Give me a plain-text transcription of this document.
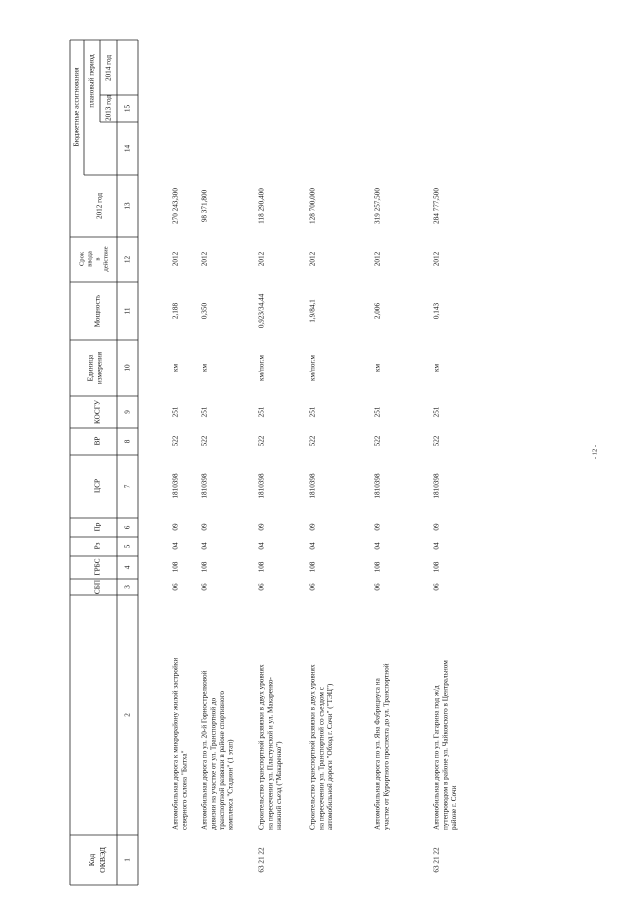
Код ОКВЭД
СБП
ГРБС
Рз
Пр
ЦСР
ВР
КОСГУ
Единица измерения
Мощность
Срок ввода в действие
Бюджетные ассигнования
2012 год
плановый период
2013 год
2014 год
1
2
3
4
5
6
7
8
9
10
11
12
13
14
15
Автомобильная дорога к микрорайону жилой застройки северного склона "Бытха"
06
108
04
09
1810398
522
251
км
2,188
2012
270 243,300
Автомобильная дорога по ул. 20-й Горнострелковой дивизии на участке от ул. Транспортной до транспортной развязки в районе спортивного комплекса "Стадион" (1 этап)
06
108
04
09
1810398
522
251
км
0,350
2012
98 371,800
63 21 22
Строительство транспортной развязки в двух уровнях на пересечении ул. Пластунской и ул. Макаренко- нижний съезд ("Макаренко")
06
108
04
09
1810398
522
251
км/пог.м
0,923/34,44
2012
118 290,400
Строительство транспортной развязки в двух уровнях на пересечении ул. Транспортной со съездом с автомобильной дороги "Обход г. Сочи" ("ТЭЦ")
06
108
04
09
1810398
522
251
км/пог.м
1,9/84,1
2012
128 700,000
Автомобильная дорога по ул. Яна Фабрициуса на участке от Курортного проспекта до ул. Транспортной
06
108
04
09
1810398
522
251
км
2,006
2012
319 257,500
63 21 22
Автомобильная дорога по ул. Гагарина под ж/д путепроводом в районе ул. Чайковского в Центральном районе г. Сочи
06
108
04
09
1810398
522
251
км
0,143
2012
284 777,500
- 12 -
